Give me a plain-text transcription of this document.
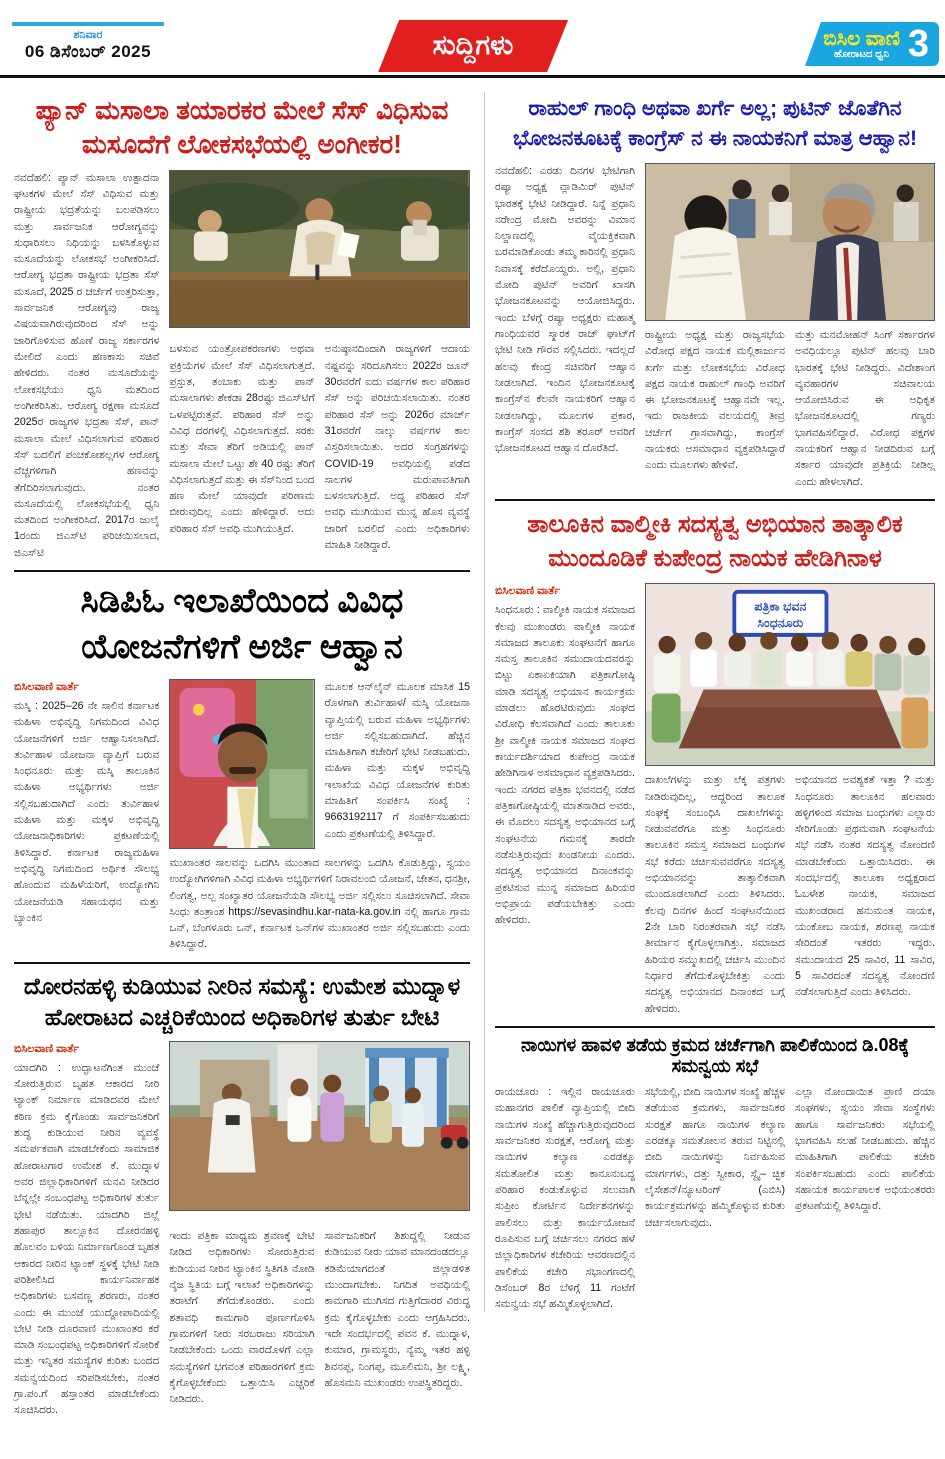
ಶನಿವಾರ
06 ಡಿಸೆಂಬರ್ 2025	ಸುದ್ದಿಗಳು	ಬಿಸಿಲ ವಾಣಿ
ಹೋರಾಟದ ಧ್ವನಿ 3
ಪ್ಯಾನ್ ಮಸಾಲಾ ತಯಾರಕರ ಮೇಲೆ ಸೆಸ್ ವಿಧಿಸುವ ಮಸೂದೆಗೆ ಲೋಕಸಭೆಯಲ್ಲಿ ಅಂಗೀಕರ!
ನವದೆಹಲಿ: ಪ್ಯಾನ್ ಮಸಾಲಾ ಉತ್ಪಾದನಾ ಘಟಕಗಳ ಮೇಲೆ ಸೆಸ್ ವಿಧಿಸುವ ಮತ್ತು ರಾಷ್ಟ್ರೀಯ ಭದ್ರತೆಯನ್ನು ಬಲಪಡಿಸಲು ಮತ್ತು ಸಾರ್ವಜನಿಕ ಆರೋಗ್ಯವನ್ನು ಸುಧಾರಿಸಲು ನಿಧಿಯನ್ನು ಬಳಸಿಕೊಳ್ಳುವ ಮಸೂದೆಯನ್ನು ಲೋಕಸಭೆ ಅಂಗೀಕರಿಸಿದೆ. ಆರೋಗ್ಯ ಭದ್ರತಾ ರಾಷ್ಟ್ರೀಯ ಭದ್ರತಾ ಸೆಸ್ ಮಸೂದೆ, 2025 ರ ಚರ್ಚೆಗೆ ಉತ್ತರಿಸುತ್ತಾ, ಸಾರ್ವಜನಿಕ ಆರೋಗ್ಯವು ರಾಜ್ಯ ವಿಷಯವಾಗಿರುವುದರಿಂದ ಸೆಸ್ ಅನ್ನು ಜಾರಿಗೊಳಿಸುವ ಹೊಣೆ ರಾಜ್ಯ ಸರ್ಕಾರಗಳ ಮೇಲಿದೆ ಎಂದು ಹಣಕಾಸು ಸಚಿವೆ ಹೇಳಿದರು. ನಂತರ ಮಸೂದೆಯನ್ನು ಲೋಕಸಭೆಯು ಧ್ವನಿ ಮತದಿಂದ ಅಂಗೀಕರಿಸಿತು. ಆರೋಗ್ಯ ರಕ್ಷಣಾ ಮಸೂದೆ 2025ರ ರಾಜ್ಯಗಳ ಭದ್ರತಾ ಸೆಸ್, ಪಾನ್ ಮಸಾಲಾ ಮೇಲೆ ವಿಧಿಸಲಾಗುವ ಪರಿಹಾರ ಸೆಸ್ ಬದಲಿಗೆ ಪಂಚಕೋಶಲ್ಲಗಳ ಆರೋಗ್ಯ ವೆಚ್ಚಗಳಿಗಾಗಿ ಹಣವನ್ನು ತೆಗೆದಿರಿಸಲಾಗುವುದು. ನಂತರ ಮಸೂದೆಯಲ್ಲಿ ಲೋಕಸಭೆಯಲ್ಲಿ ಧ್ವನಿ ಮತದಿಂದ ಅಂಗೀಕರಿಸಿದೆ. 2017ರ ಜುಲೈ 1ರಂದು ಜಿಎಸ್‌ಟಿ ಪರಿಚಯಿಸಲಾದ, ಜಿಎಸ್‌ಟಿ
ಬಳಸುವ ಯಂತ್ರೋಪಕರಣಗಳು ಅಥವಾ ಪ್ರಕ್ರಿಯೆಗಳ ಮೇಲೆ ಸೆಸ್ ವಿಧಿಸಲಾಗುತ್ತದೆ. ಪ್ರಸ್ತುತ, ತಂಬಾಕು ಮತ್ತು ಪಾನ್ ಮಸಾಲಾಗಳು ಶೇಕಡಾ 28ರಷ್ಟು ಜಿಎಸ್‌ಟಿಗೆ ಒಳಪಟ್ಟಿರುತ್ತವೆ. ಪರಿಹಾರ ಸೆಸ್ ಅನ್ನು ವಿವಿಧ ದರಗಳಲ್ಲಿ ವಿಧಿಸಲಾಗುತ್ತದೆ. ಸರಕು ಮತ್ತು ಸೇವಾ ತೆರಿಗೆ ಅಡಿಯಲ್ಲಿ ಪಾನ್ ಮಸಾಲಾ ಮೇಲೆ ಒಟ್ಟು ಶೇ 40 ರಷ್ಟು ತೆರಿಗೆ ವಿಧಿಸಲಾಗುತ್ತದೆ ಮತ್ತು ಈ ಸೆಸ್‌ನಿಂದ ಬಂದ ಹಣ ಮೇಲೆ ಯಾವುದೇ ಪರಿಣಾಮ ಬೀರುವುದಿಲ್ಲ ಎಂದು ಹೇಳಿದ್ದಾರೆ. ಅದು ಪರಿಹಾರ ಸೆಸ್ ಅವಧಿ ಮುಗಿಯುತ್ತಿದೆ.
ಅನುಷ್ಠಾನದಿಂದಾಗಿ ರಾಜ್ಯಗಳಿಗೆ ಆದಾಯ ನಷ್ಟವನ್ನು ಸರಿದೂಗಿಸಲು 2022ರ ಜೂನ್ 30ರವರೆಗೆ ಐದು ವರ್ಷಗಳ ಕಾಲ ಪರಿಹಾರ ಸೆಸ್ ಅನ್ನು ಪರಿಚಯಿಸಲಾಯಿತು. ನಂತರ ಪರಿಹಾರ ಸೆಸ್ ಅನ್ನು 2026ರ ಮಾರ್ಚ್ 31ರವರೆಗೆ ನಾಲ್ಕು ವರ್ಷಗಳ ಕಾಲ ವಿಸ್ತರಿಸಲಾಯಿತು. ಅದರ ಸಂಗ್ರಹಗಳನ್ನು COVID-19 ಅವಧಿಯಲ್ಲಿ ಪಡೆದ ಸಾಲಗಳ ಮರುಪಾವತಿಗಾಗಿ ಬಳಸಲಾಗುತ್ತಿದೆ. ಅದ್ದ ಪರಿಹಾರ ಸೆಸ್ ಅವಧಿ ಮುಗಿಯುವ ಮುನ್ನ ಹೊಸ ವ್ಯವಸ್ಥೆ ಜಾರಿಗೆ ಬರಲಿದೆ ಎಂದು ಅಧಿಕಾರಿಗಳು ಮಾಹಿತಿ ನೀಡಿದ್ದಾರೆ.
ಸಿಡಿಪಿಓ ಇಲಾಖೆಯಿಂದ ವಿವಿಧ ಯೋಜನೆಗಳಿಗೆ ಅರ್ಜಿ ಆಹ್ವಾನ
ಬಿಸಿಲವಾಣಿ ವಾರ್ತೆ
ಮಸ್ಕಿ : 2025–26 ನೇ ಸಾಲಿನ ಕರ್ನಾಟಕ ಮಹಿಳಾ ಅಭಿವೃದ್ಧಿ ನಿಗಮದಿಂದ ವಿವಿಧ ಯೋಜನೆಗಳಿಗೆ ಅರ್ಜಿ ಆಹ್ವಾನಿಸಲಾಗಿದೆ. ತುರ್ವಿಹಾಳ ಯೋಜನಾ ವ್ಯಾಪ್ತಿಗೆ ಬರುವ ಸಿಂಧನೂರು ಮತ್ತು ಮಸ್ಕಿ ತಾಲೂಕಿನ ಮಹಿಳಾ ಅಭ್ಯರ್ಥಿಗಳು ಅರ್ಜಿ ಸಲ್ಲಿಸಬಹುದಾಗಿದೆ ಎಂದು ತುರ್ವಿಹಾಳ ಮಹಿಳಾ ಮತ್ತು ಮಕ್ಕಳ ಅಭಿವೃದ್ಧಿ ಯೋಜನಾಧಿಕಾರಿಗಳು ಪ್ರಕಟಣೆಯಲ್ಲಿ ತಿಳಿಸಿದ್ದಾರೆ. ಕರ್ನಾಟಕ ರಾಜ್ಯಮಹಿಳಾ ಅಭಿವೃದ್ಧಿ ನಿಗಮದಿಂದ ಅರ್ಥಿಕ ಸೌಲಭ್ಯ ಹೊಂದುವ ಮಹಿಳೆಯರಿಗೆ, ಉದ್ಯೋಗಿನಿ ಯೋಜನೆಯಡಿ ಸಹಾಯಧನ ಮತ್ತು ಬ್ಯಾಂಕಿನ
ಮೂಲಕ ಆನ್‌ಲೈನ್ ಮೂಲಕ ಮಾಸಿಕ 15 ರೊಳಗಾಗಿ ತುರ್ವಿಹಾಳ/ ಮಸ್ಕಿ ಯೋಜನಾ ವ್ಯಾಪ್ತಿಯಲ್ಲಿ ಬರುವ ಮಹಿಳಾ ಅಭ್ಯರ್ಥಿಗಳು ಅರ್ಜಿ ಸಲ್ಲಿಸಬಹುದಾಗಿದೆ. ಹೆಚ್ಚಿನ ಮಾಹಿತಿಗಾಗಿ ಕಚೇರಿಗೆ ಭೇಟಿ ನೀಡಬಹುದು. ಮಹಿಳಾ ಮತ್ತು ಮಕ್ಕಳ ಅಭಿವೃದ್ಧಿ ಇಲಾಖೆಯ ವಿವಿಧ ಯೋಜನೆಗಳ ಕುರಿತು ಮಾಹಿತಿಗೆ ಸಂಪರ್ಕಿಸಿ ಸಂಖ್ಯೆ : 9663192117 ಗೆ ಸಂಪರ್ಕಿಸಬಹುದು ಎಂದು ಪ್ರಕಟಣೆಯಲ್ಲಿ ತಿಳಿಸಿದ್ದಾರೆ.
ಮುಖಾಂತರ ಸಾಲವನ್ನು ಒದಗಿಸಿ ಮುಂತಾದ ಸಾಲಗಳನ್ನು ಒದಗಿಸಿ ಕೊಡುತ್ತಿದ್ದು, ಸ್ವಯಂ ಉದ್ಯೋಗಿಗಳಿಗಾಗಿ ವಿವಿಧ ಮಹಿಳಾ ಅಭ್ಯರ್ಥಿಗಳಿಗೆ ನಿರಾವಲಂಬಿ ಯೋಜನೆ, ಚೇತನ, ಧನಶ್ರೀ, ಲಿಂಗತ್ವ, ಅಲ್ಪ ಸಂಖ್ಯಾತರ ಯೋಜನೆಯಡಿ ಸೌಲಭ್ಯ ಅರ್ಜಿ ಸಲ್ಲಿಸಲು ಸೂಚಿಸಲಾಗಿದೆ. ಸೇವಾ ಸಿಂಧು ತಂತ್ರಾಂಶ https://sevasindhu.kar-nata-ka.gov.in ನಲ್ಲಿ ಹಾಗೂ ಗ್ರಾಮ ಒನ್, ಬೆಂಗಳೂರು ಒನ್, ಕರ್ನಾಟಕ ಒನ್‌ಗಳ ಮುಖಾಂತರ ಅರ್ಜಿ ಸಲ್ಲಿಸಬಹುದು ಎಂದು ತಿಳಿಸಿದ್ದಾರೆ.
ದೋರನಹಳ್ಳಿ ಕುಡಿಯುವ ನೀರಿನ ಸಮಸ್ಯೆ: ಉಮೇಶ ಮುದ್ನಾಳ ಹೋರಾಟದ ಎಚ್ಚರಿಕೆಯಿಂದ ಅಧಿಕಾರಿಗಳ ತುರ್ತು ಬೇಟಿ
ಬಿಸಿಲವಾಣಿ ವಾರ್ತೆ
ಯಾದಗಿರಿ : ಉದ್ಘಾಟನೆಗಿಂತ ಮುಂಚೆ ಸೋರುತ್ತಿರುವ ಬೃಹತ ಆಕಾರದ ನೀರಿ ಟ್ಯಾಂಕ್ ನಿರ್ಮಾಣ ಮಾಡಿದವರ ಮೇಲೆ ಕಠಿಣ ಕ್ರಮ ಕೈಗೊಂಡು ಸಾರ್ವಜನಿಕರಿಗೆ ಶುದ್ಧ ಕುಡಿಯುವ ನೀರಿನ ವ್ಯವಸ್ಥೆ ಸಮರ್ಪಕವಾಗಿ ಮಾಡಬೇಕೆಂದು ಸಾಮಾಜಿಕ ಹೋರಾಟಗಾರ ಉಮೇಶ ಕೆ. ಮುದ್ನಾಳ ಅವರ ಜಿಲ್ಲಾಧಿಕಾರಿಗಳಿಗೆ ಮನವಿ ನೀಡಿದರ ಬೆನ್ನಲ್ಲೇ ಸಂಬಂಧಪಟ್ಟ ಅಧಿಕಾರಿಗಳ ತುರ್ತು ಭೇಟಿ ನಡೆಯಿತು. ಯಾದಗಿರಿ ಜಿಲ್ಲೆ ಶಹಾಪುರ ತಾಲ್ಲೂಕಿನ ದೋರನಹಳ್ಳಿ ಹೊಲವಂ ಬಳಿಯ ನಿರ್ಮಾಣಗೊಂಡ ಬೃಹತ ಆಕಾರದ ನೀರಿನ ಟ್ಯಾಂಕ್ ಸ್ಥಳಕ್ಕೆ ಭೇಟಿ ನೀಡಿ ಪರಿಶೀಲಿಸಿದ ಕಾರ್ಯನಿರ್ವಾಹಕ ಅಧಿಕಾರಿಗಳು ಬಸವಣ್ಣ ಶರಣರು, ನಂತರ ಎಂದು ಈ ಮುಂಜೆ ಯುದ್ದೋಪಾದಿಯಲ್ಲಿ ಬೇಟಿ ನೀಡಿ ದೂರವಾಣಿ ಮುಖಾಂತರ ಕರೆ ಮಾಡಿ ಸಂಬಂಧಪಟ್ಟ ಅಧಿಕಾರಿಗಳಿಗೆ ಸೋರಿಕೆ ಮತ್ತು ಇನ್ನಿತರ ಸಮಸ್ಯೆಗಳ ಕುರಿತು ಬಂದದ ಸಮನ್ವಯದಿಂದ ಸರಿಪಡಿಸಬೇಕು, ನಂತರ ಗ್ರಾ.ಪಂ.ಗೆ ಹಸ್ತಾಂತರ ಮಾಡಬೇಕೆಂದು ಸೂಚಿಸಿದರು.
ಇಂದು ಪತ್ರಿಕಾ ಮಾಧ್ಯಮ ಶ್ರವಣಕ್ಕೆ ಬೇಟಿ ನೀಡಿದ ಅಧಿಕಾರಿಗಳು ಸೋರುತ್ತಿರುವ ಕುಡಿಯುವ ನೀರಿನ ಟ್ಯಾಂಕಿನ ಸ್ಥಿತಿಗತಿ ನೋಡಿ ನೈಜ ಸ್ಥಿತಿಯ ಬಗ್ಗೆ ಇಲಾಖೆ ಅಧಿಕಾರಿಗಳನ್ನು ತರಾಟೆಗೆ ತೆಗೆದುಕೊಂಡರು. ಎಂದು ಶತಾವಧಿ ಕಾಮಗಾರಿ ಪೂರ್ಣಗೊಳಿಸಿ ಗ್ರಾಮಗಳಿಗೆ ನೀರು ಸರಬರಾಜು ಸರಿಯಾಗಿ ನೀಡಬೇಕೆಂದು ಒಂದು ವಾರದೊಳಗೆ ಎಲ್ಲಾ ಸಮಸ್ಯೆಗಳಿಗೆ ಭಗವಂತ ಪರಿಹಾರಗಳಿಗೆ ಕ್ರಮ ಕೈಗೊಳ್ಳಬೇಕೆಂದು ಒತ್ತಾಯಿಸಿ ಎಚ್ಚರಿಕೆ ನೀಡಿದರು.
ಸಾರ್ವಜನಿಕರಿಗೆ ಶಿಶುದ್ದಲ್ಲಿ ನೀಡುವ ಕುಡಿಯುವ ನೀರು ಯಾವ ಮಾನದಂಡದಲ್ಲೂ ಕಡಿಮೆಯಾಗದಂತೆ ಜಿಲ್ಲಾಡಳಿತ ಮುಂದಾಗಬೇಕು. ನಿಗದಿತ ಅವಧಿಯಲ್ಲಿ ಕಾಮಗಾರಿ ಮುಗಿಸದ ಗುತ್ತಿಗೆದಾರರ ವಿರುದ್ಧ ಕ್ರಮ ಕೈಗೊಳ್ಳಬೇಕು ಎಂದು ಆಗ್ರಹಿಸಿದರು. ಇದೇ ಸಂದರ್ಭದಲ್ಲಿ ಪವನ ಕೆ. ಮುದ್ನಾಳ, ಕುಮಾರ, ಗ್ರಾಮಸ್ಥರು, ನ್ಯೆಮ್ಮ ಇತರ ಹಳ್ಳಿ ಶಿವನಪ್ಪ, ನಿಂಗಪ್ಪ, ಮೂಲಿಮನಿ, ಶ್ರೀ ಲಕ್ಷ್ಮಿ, ಹೊಸಮನಿ ಮುಖಂಡರು ಉಪಸ್ಥಿತರಿದ್ದರು.
ರಾಹುಲ್ ಗಾಂಧಿ ಅಥವಾ ಖರ್ಗೆ ಅಲ್ಲ; ಪುಟಿನ್ ಜೊತೆಗಿನ ಭೋಜನಕೂಟಕ್ಕೆ ಕಾಂಗ್ರೆಸ್ ನ ಈ ನಾಯಕನಿಗೆ ಮಾತ್ರ ಆಹ್ವಾನ!
ನವದೆಹಲಿ: ಎರಡು ದಿನಗಳ ಭೇಟಿಗಾಗಿ ರಷ್ಯಾ ಅಧ್ಯಕ್ಷ ವ್ಲಾಡಿಮಿರ್ ಪುಟಿನ್ ಭಾರತಕ್ಕೆ ಭೇಟಿ ನೀಡಿದ್ದಾರೆ. ನಿನ್ನೆ ಪ್ರಧಾನಿ ನರೇಂದ್ರ ಮೋದಿ ಅವರನ್ನು ವಿಮಾನ ನಿಲ್ದಾಣದಲ್ಲಿ ವೈಯಕ್ತಿಕವಾಗಿ ಬರಮಾಡಿಕೊಂಡು ತಮ್ಮ ಕಾರಿನಲ್ಲಿ ಪ್ರಧಾನಿ ನಿವಾಸಕ್ಕೆ ಕರೆದೊಯ್ದರು. ಅಲ್ಲಿ, ಪ್ರಧಾನಿ ಮೋದಿ ಪುಟಿನ್ ಅವರಿಗೆ ಖಾಸಗಿ ಭೋಜನಕೂಟವನ್ನು ಆಯೋಜಿಸಿದ್ದರು. ಇಂದು ಬೆಳಗ್ಗೆ ರಷ್ಯಾ ಅಧ್ಯಕ್ಷರು ಮಹಾತ್ಮ ಗಾಂಧಿಯವರ ಸ್ಮಾರಕ ರಾಜ್ ಘಾಟ್‌ಗೆ ಭೇಟಿ ನೀಡಿ ಗೌರವ ಸಲ್ಲಿಸಿದರು. ಇದಲ್ಲದೆ ಹಲವು ಕೇಂದ್ರ ಸಚಿವರಿಗೆ ಆಹ್ವಾನ ನೀಡಲಾಗಿದೆ. ಇಂದಿನ ಭೋಜನಕೂಟಕ್ಕೆ ಕಾಂಗ್ರೆಸ್‌ನ ಕೆಲವೇ ನಾಯಕರಿಗೆ ಆಹ್ವಾನ ನೀಡಲಾಗಿದ್ದು, ಮೂಲಗಳ ಪ್ರಕಾರ, ಕಾಂಗ್ರೆಸ್ ಸಂಸದ ಶಶಿ ತರೂರ್ ಅವರಿಗೆ ಭೋಜನಕೂಟದ ಆಹ್ವಾನ ದೊರೆತಿದೆ.
ರಾಷ್ಟ್ರೀಯ ಅಧ್ಯಕ್ಷ ಮತ್ತು ರಾಜ್ಯಸಭೆಯ ವಿರೋಧ ಪಕ್ಷದ ನಾಯಕ ಮಲ್ಲಿಕಾರ್ಜುನ ಖರ್ಗೆ ಮತ್ತು ಲೋಕಸಭೆಯ ವಿರೋಧ ಪಕ್ಷದ ನಾಯಕ ರಾಹುಲ್ ಗಾಂಧಿ ಅವರಿಗೆ ಈ ಭೋಜನಕೂಟಕ್ಕೆ ಆಹ್ವಾನವೇ ಇಲ್ಲ. ಇದು ರಾಜಕೀಯ ವಲಯದಲ್ಲಿ ತೀವ್ರ ಚರ್ಚೆಗೆ ಗ್ರಾಸವಾಗಿದ್ದು, ಕಾಂಗ್ರೆಸ್ ನಾಯಕರು ಅಸಮಾಧಾನ ವ್ಯಕ್ತಪಡಿಸಿದ್ದಾರೆ ಎಂದು ಮೂಲಗಳು ಹೇಳಿವೆ.
ಮತ್ತು ಮನಮೋಹನ್ ಸಿಂಗ್ ಸರ್ಕಾರಗಳ ಅವಧಿಯಲ್ಲೂ ಪುಟಿನ್ ಹಲವು ಬಾರಿ ಭಾರತಕ್ಕೆ ಭೇಟಿ ನೀಡಿದ್ದರು. ವಿದೇಶಾಂಗ ವ್ಯವಹಾರಗಳ ಸಚಿವಾಲಯ ಆಯೋಜಿಸಿರುವ ಈ ಅಧಿಕೃತ ಭೋಜನಕೂಟದಲ್ಲಿ ಗಣ್ಯರು ಭಾಗವಹಿಸಲಿದ್ದಾರೆ. ವಿರೋಧ ಪಕ್ಷಗಳ ನಾಯಕರಿಗೆ ಆಹ್ವಾನ ನೀಡದಿರುವ ಬಗ್ಗೆ ಸರ್ಕಾರ ಯಾವುದೇ ಪ್ರತಿಕ್ರಿಯೆ ನೀಡಿಲ್ಲ ಎಂದು ಹೇಳಲಾಗಿದೆ.
ತಾಲೂಕಿನ ವಾಲ್ಮೀಕಿ ಸದಸ್ಯತ್ವ ಅಭಿಯಾನ ತಾತ್ಕಾಲಿಕ ಮುಂದೂಡಿಕೆ ಕುಪೇಂದ್ರ ನಾಯಕ ಹೇಡಿಗಿನಾಳ
ಬಿಸಿಲವಾಣಿ ವಾರ್ತೆ
ಸಿಂಧನೂರು : ವಾಲ್ಮೀಕಿ ನಾಯಕ ಸಮಾಜದ ಕೆಲವು ಮುಖಂಡರು ವಾಲ್ಮೀಕಿ ನಾಯಕ ಸಮಾಜದ ತಾಲೂಕು ಸಂಘಟನೆಗೆ ಹಾಗೂ ಸಮಸ್ತ ತಾಲೂಕಿನ ಸಮುದಾಯದವರನ್ನು ಬಿಟ್ಟು ಏಕಾಏಕಿಯಾಗಿ ಪತ್ರಿಕಾಗೋಷ್ಠಿ ಮಾಡಿ ಸದಸ್ಯತ್ವ ಅಭಿಯಾನ ಕಾರ್ಯಕ್ರಮ ಮಾಡಲು ಹೊರಟಿರುವುದು ಸಂಘದ ವಿರೋಧಿ ಕೆಲಸವಾಗಿದೆ ಎಂದು ತಾಲೂಕು ಶ್ರೀ ವಾಲ್ಮೀಕಿ ನಾಯಕ ಸಮಾಜದ ಸಂಘದ ಕಾರ್ಯದರ್ಶಿಯಾದ ಕುಪೇಂದ್ರ ನಾಯಕ ಹೇಡಿಗಿನಾಳ ಅಸಮಾಧಾನ ವ್ಯಕ್ತಪಡಿಸಿದರು. ಇಂದು ನಗರದ ಪತ್ರಿಕಾ ಭವನದಲ್ಲಿ ನಡೆದ ಪತ್ರಿಕಾಗೋಷ್ಠಿಯಲ್ಲಿ ಮಾತನಾಡಿದ ಅವರು, ಈ ಮೊದಲು ಸದಸ್ಯತ್ವ ಅಭಿಯಾನದ ಬಗ್ಗೆ ಸಂಘಟನೆಯ ಗಮನಕ್ಕೆ ತಾರದೇ ನಡೆಸುತ್ತಿರುವುದು ಖಂಡನೀಯ ಎಂದರು. ಸದಸ್ಯತ್ವ ಅಭಿಯಾನದ ದಿನಾಂಕವನ್ನು ಪ್ರಕಟಿಸುವ ಮುನ್ನ ಸಮಾಜದ ಹಿರಿಯರ ಅಭಿಪ್ರಾಯ ಪಡೆಯಬೇಕಿತ್ತು ಎಂದು ಹೇಳಿದರು.
ಪತ್ರಿಕಾ ಭವನ
ಸಿಂಧನೂರು
ದಾಖಲೆಗಳನ್ನು ಮತ್ತು ಲೆಕ್ಕ ಪತ್ರಗಳು ನೀಡಿರುವುದಿಲ್ಲ, ಆದ್ದರಿಂದ ತಾಲೂಕ ಸಂಘಕ್ಕೆ ಸಂಬಂಧಿಸಿ ದಾಖಲೆಗಳನ್ನು ನೀಡುವವರೆಗೂ ಮತ್ತು ಸಿಂಧನೂರು ತಾಲೂಕಿನ ಸಮಸ್ತ ಸಮಾಜದ ಬಂಧುಗಳ ಸಭೆ ಕರೆದು ಚರ್ಚಿಸುವವರೆಗೂ ಸದಸ್ಯತ್ವ ಅಭಿಯಾನವನ್ನು ತಾತ್ಕಾಲಿಕವಾಗಿ ಮುಂದೂಡಲಾಗಿದೆ ಎಂದು ತಿಳಿಸಿದರು. ಕೆಲವು ದಿನಗಳ ಹಿಂದೆ ಸಂಘಟನೆಯಿಂದ 2ನೇ ಬಾರಿ ನಿರಂತರವಾಗಿ ಸಭೆ ನಡೆಸಿ ತೀರ್ಮಾನ ಕೈಗೊಳ್ಳಲಾಗಿತ್ತು. ಸಮಾಜದ ಹಿರಿಯರ ಸಮ್ಮುಖದಲ್ಲಿ ಚರ್ಚಿಸಿ ಮುಂದಿನ ನಿರ್ಧಾರ ತೆಗೆದುಕೊಳ್ಳಬೇಕಿತ್ತು ಎಂದು ಸದಸ್ಯತ್ವ ಅಭಿಯಾನದ ದಿನಾಂಕದ ಬಗ್ಗೆ ಹೇಳಿದರು.
ಅಭಿಯಾನದ ಅವಶ್ಯಕತೆ ಇತ್ತಾ ? ಮತ್ತು ಸಿಂಧನೂರು ತಾಲೂಕಿನ ಹಲವಾರು ಹಳ್ಳಿಗಳಿಂದ ಸಮಾಜ ಬಂಧುಗಳು ಎಲ್ಲಾರು ಸೇರಿಗೊಂಡು ಪ್ರಥಮವಾಗಿ ಸಂಘಟನೆಯ ಸಭೆ ನಡೆಸಿ ನಂತರ ಸದಸ್ಯತ್ವ ನೋಂದಣಿ ಮಾಡಬೇಕೆಂದು ಒತ್ತಾಯಿಸಿದರು. ಈ ಸಂದರ್ಭದಲ್ಲಿ ತಾಲೂಕಾ ಅಧ್ಯಕ್ಷರಾದ ಓಬಳೇಶ ನಾಯಕ, ಸಮಾಜದ ಮುಖಂಡರಾದ ಹನುಮಂತ ನಾಯಕ, ಯಂಕೋಬ ನಾಯಕ, ಶರಣಪ್ಪ ನಾಯಕ ಸೇರಿದಂತೆ ಇತರರು ಇದ್ದರು. ಸಮುದಾಯದ 25 ಸಾವಿರ, 11 ಸಾವಿರ, 5 ಸಾವಿರದಂತೆ ಸದಸ್ಯತ್ವ ನೋಂದಣಿ ನಡೆಸಲಾಗುತ್ತಿದೆ ಎಂದು ತಿಳಿಸಿದರು.
ನಾಯಿಗಳ ಹಾವಳಿ ತಡೆಯ ಕ್ರಮದ ಚರ್ಚೆಗಾಗಿ ಪಾಲಿಕೆಯಿಂದ ಡಿ.08ಕ್ಕೆ ಸಮನ್ವಯ ಸಭೆ
ರಾಯಚೂರು : ಇಲ್ಲಿನ ರಾಯಚೂರು ಮಹಾನಗರ ಪಾಲಿಕೆ ವ್ಯಾಪ್ತಿಯಲ್ಲಿ ಬೀದಿ ನಾಯಿಗಳ ಸಂಖ್ಯೆ ಹೆಚ್ಚಾಗುತ್ತಿರುವುದರಿಂದ ಸಾರ್ವಜನಿಕರ ಸುರಕ್ಷತೆ, ಆರೋಗ್ಯ ಮತ್ತು ನಾಯಿಗಳ ಕಲ್ಯಾಣ ಎರಡಕ್ಕೂ ಸಮತೋಲಿತ ಮತ್ತು ಕಾನೂನುಬದ್ಧ ಪರಿಹಾರ ಕಂಡುಕೊಳ್ಳುವ ಸಲುವಾಗಿ ಸುಪ್ರೀಂ ಕೋರ್ಟಿನ ನಿರ್ದೇಶನಗಳನ್ನು ಪಾಲಿಸಲು ಮತ್ತು ಕಾರ್ಯಯೋಜನೆ ರೂಪಿಸುವ ಬಗ್ಗೆ ಚರ್ಚಿಸಲು ನಗರದ ಹಳೆ ಜಿಲ್ಲಾಧಿಕಾರಿಗಳ ಕಚೇರಿಯ ಆವರಣದಲ್ಲಿನ ಪಾಲಿಕೆಯ ಕಚೇರಿ ಸಭಾಂಗಣದಲ್ಲಿ ಡಿಸೆಂಬರ್ 8ರ ಬೆಳಿಗ್ಗೆ 11 ಗಂಟೆಗೆ ಸಮನ್ವಯ ಸಭೆ ಹಮ್ಮಿಕೊಳ್ಳಲಾಗಿದೆ.
ಸಭೆಯಲ್ಲಿ, ಬೀದಿ ನಾಯಿಗಳ ಸಂಖ್ಯೆ ಹೆಚ್ಚಳ ತಡೆಯುವ ಕ್ರಮಗಳು, ಸಾರ್ವಜನಿಕರ ಸುರಕ್ಷತೆ ಹಾಗೂ ನಾಯಿಗಳ ಕಲ್ಯಾಣ ಎರಡಕ್ಕೂ ಸಮತೋಲನ ತರುವ ನಿಟ್ಟಿನಲ್ಲಿ ಬೀದಿ ನಾಯಿಗಳನ್ನು ನಿರ್ವಹಿಸುವ ಮಾರ್ಗಗಳು, ದತ್ತು ಸ್ವೀಕಾರ, ಸ್ವೈ– ಚ್ಛಿಕ ಲೈಸೇಶನ್/ನ್ಯೂಟರಿಂಗ್ (ಎಬಿಸಿ) ಕಾರ್ಯಕ್ರಮಗಳನ್ನು ಹಮ್ಮಿಕೊಳ್ಳುವ ಕುರಿತು ಚರ್ಚಿಸಲಾಗುವುದು.
ಎಲ್ಲಾ ನೋಂದಾಯಿತ ಪ್ರಾಣಿ ದಯಾ ಸಂಘಗಳು, ಸ್ವಯಂ ಸೇವಾ ಸಂಸ್ಥೆಗಳು ಹಾಗೂ ಸಾರ್ವಜನಿಕರು ಸಭೆಯಲ್ಲಿ ಭಾಗವಹಿಸಿ ಸಲಹೆ ನೀಡಬಹುದು. ಹೆಚ್ಚಿನ ಮಾಹಿತಿಗಾಗಿ ಪಾಲಿಕೆಯ ಕಚೇರಿ ಸಂಪರ್ಕಿಸಬಹುದು ಎಂದು ಪಾಲಿಕೆಯ ಸಹಾಯಕ ಕಾರ್ಯಪಾಲಕ ಅಭಿಯಂತರರು ಪ್ರಕಟಣೆಯಲ್ಲಿ ತಿಳಿಸಿದ್ದಾರೆ.
